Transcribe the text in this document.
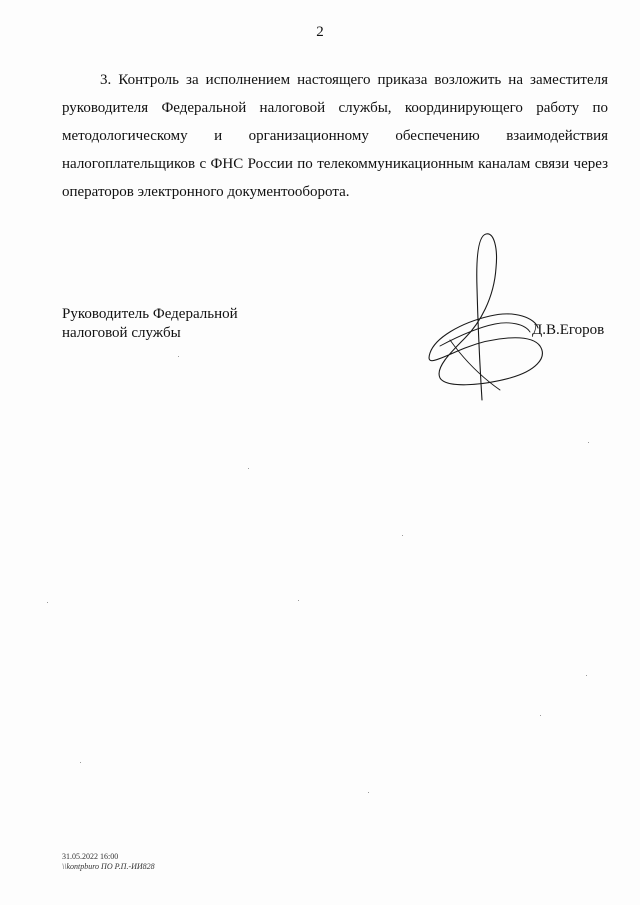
2
3. Контроль за исполнением настоящего приказа возложить на заместителя
руководителя Федеральной налоговой службы, координирующего работу по
методологическому и организационному обеспечению взаимодействия
налогоплательщиков с ФНС России по телекоммуникационным каналам связи через
операторов электронного документооборота.
Руководитель Федеральной
налоговой службы	Д.В.Егоров
31.05.2022 16:00
\\kontpburo ПО Р.П.-ИИ828
